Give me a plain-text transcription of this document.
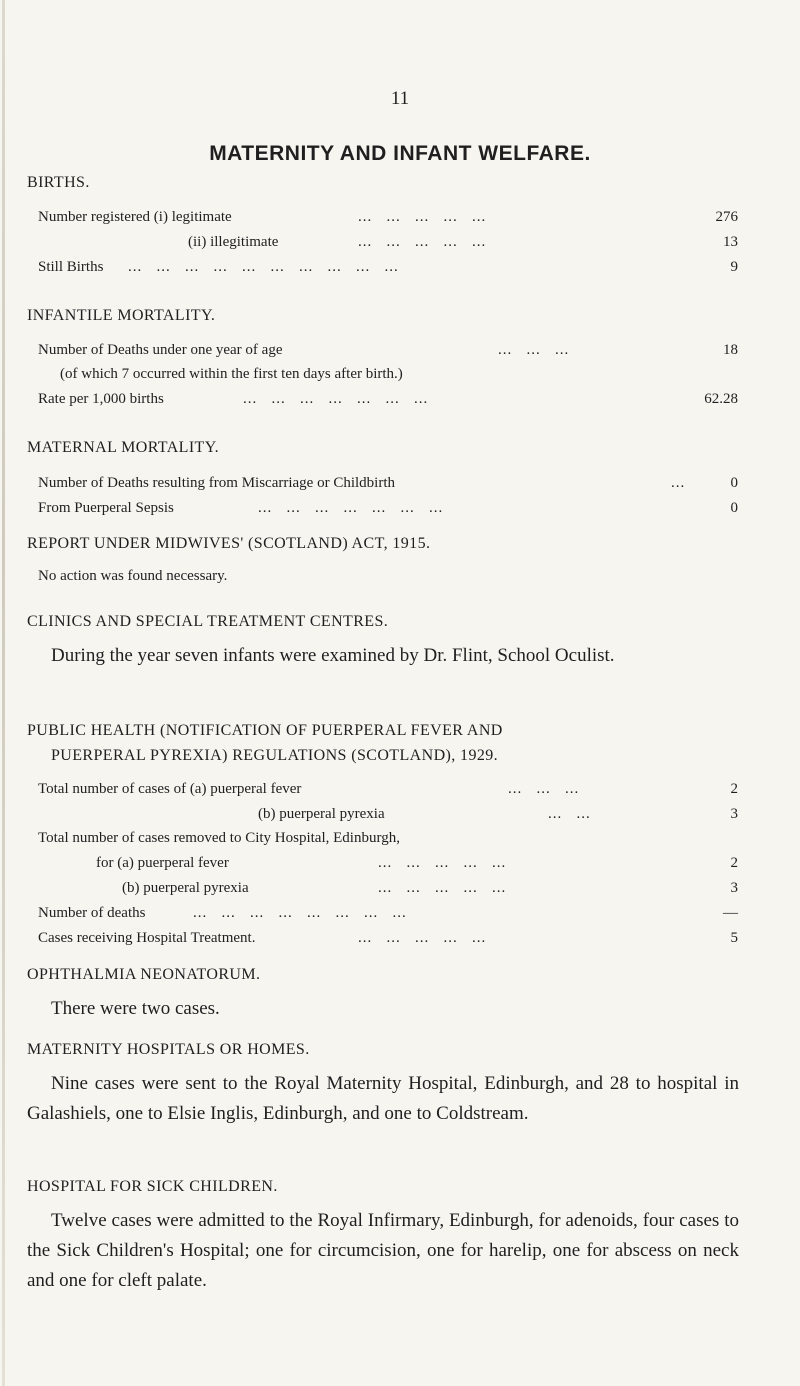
11
MATERNITY AND INFANT WELFARE.
BIRTHS.
Number registered (i) legitimate	...   ...   ...   ...   ...	276
(ii) illegitimate	...   ...   ...   ...   ...	13
Still Births ...   ...   ...   ...   ...   ...   ...   ...   ...   ...	9
INFANTILE MORTALITY.
Number of Deaths under one year of age	...   ...   ...	18
(of which 7 occurred within the first ten days after birth.)
Rate per 1,000 births	...   ...   ...   ...   ...   ...   ...	62.28
MATERNAL MORTALITY.
Number of Deaths resulting from Miscarriage or Childbirth	...	0
From Puerperal Sepsis	...   ...   ...   ...   ...   ...   ...	0
REPORT UNDER MIDWIVES' (SCOTLAND) ACT, 1915.
No action was found necessary.
CLINICS AND SPECIAL TREATMENT CENTRES.
During the year seven infants were examined by Dr. Flint, School Oculist.
PUBLIC HEALTH (NOTIFICATION OF PUERPERAL FEVER AND
PUERPERAL PYREXIA) REGULATIONS (SCOTLAND), 1929.
Total number of cases of (a) puerperal fever	...   ...   ...	2
(b) puerperal pyrexia	...   ...	3
Total number of cases removed to City Hospital, Edinburgh,
for (a) puerperal fever	...   ...   ...   ...   ...	2
(b) puerperal pyrexia	...   ...   ...   ...   ...	3
Number of deaths	...   ...   ...   ...   ...   ...   ...   ...	—
Cases receiving Hospital Treatment.	...   ...   ...   ...   ...	5
OPHTHALMIA NEONATORUM.
There were two cases.
MATERNITY HOSPITALS OR HOMES.
Nine cases were sent to the Royal Maternity Hospital, Edinburgh, and 28 to hospital in Galashiels, one to Elsie Inglis, Edinburgh, and one to Coldstream.
HOSPITAL FOR SICK CHILDREN.
Twelve cases were admitted to the Royal Infirmary, Edinburgh, for adenoids, four cases to the Sick Children's Hospital; one for circumcision, one for harelip, one for abscess on neck and one for cleft palate.
